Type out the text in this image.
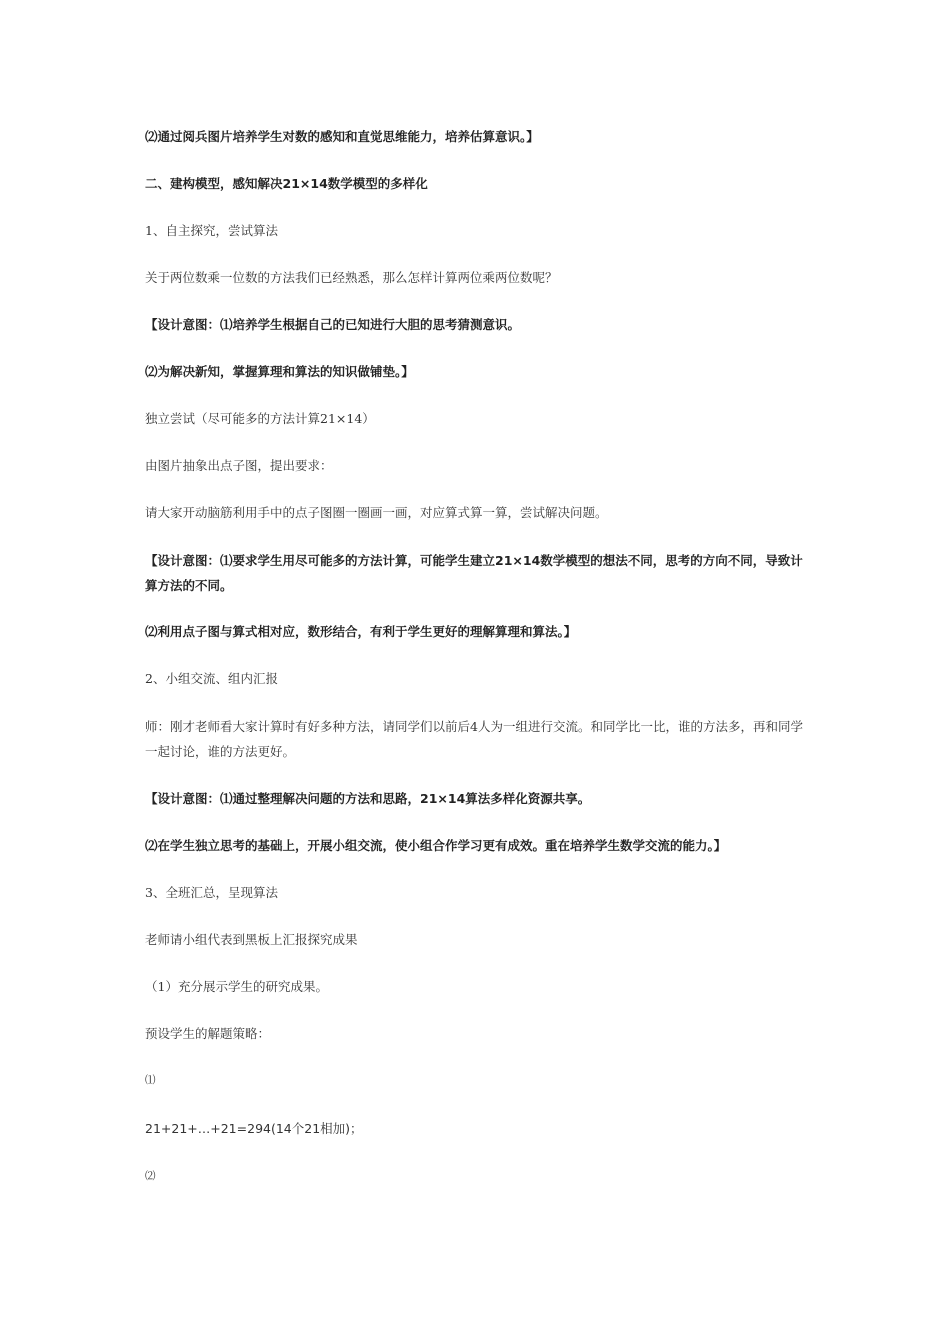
⑵通过阅兵图片培养学生对数的感知和直觉思维能力，培养估算意识。】
二、建构模型，感知解决21×14数学模型的多样化
1、自主探究，尝试算法
关于两位数乘一位数的方法我们已经熟悉，那么怎样计算两位乘两位数呢？
【设计意图：⑴培养学生根据自己的已知进行大胆的思考猜测意识。
⑵为解决新知，掌握算理和算法的知识做铺垫。】
独立尝试（尽可能多的方法计算21×14）
由图片抽象出点子图，提出要求：
请大家开动脑筋利用手中的点子图圈一圈画一画，对应算式算一算，尝试解决问题。
【设计意图：⑴要求学生用尽可能多的方法计算，可能学生建立21×14数学模型的想法不同，思考的方向不同，导致计算方法的不同。
⑵利用点子图与算式相对应，数形结合，有利于学生更好的理解算理和算法。】
2、小组交流、组内汇报
师：刚才老师看大家计算时有好多种方法，请同学们以前后4人为一组进行交流。和同学比一比，谁的方法多，再和同学一起讨论，谁的方法更好。
【设计意图：⑴通过整理解决问题的方法和思路，21×14算法多样化资源共享。
⑵在学生独立思考的基础上，开展小组交流，使小组合作学习更有成效。重在培养学生数学交流的能力。】
3、全班汇总，呈现算法
老师请小组代表到黑板上汇报探究成果
（1）充分展示学生的研究成果。
预设学生的解题策略：
⑴
21+21+…+21=294(14个21相加)；
⑵
